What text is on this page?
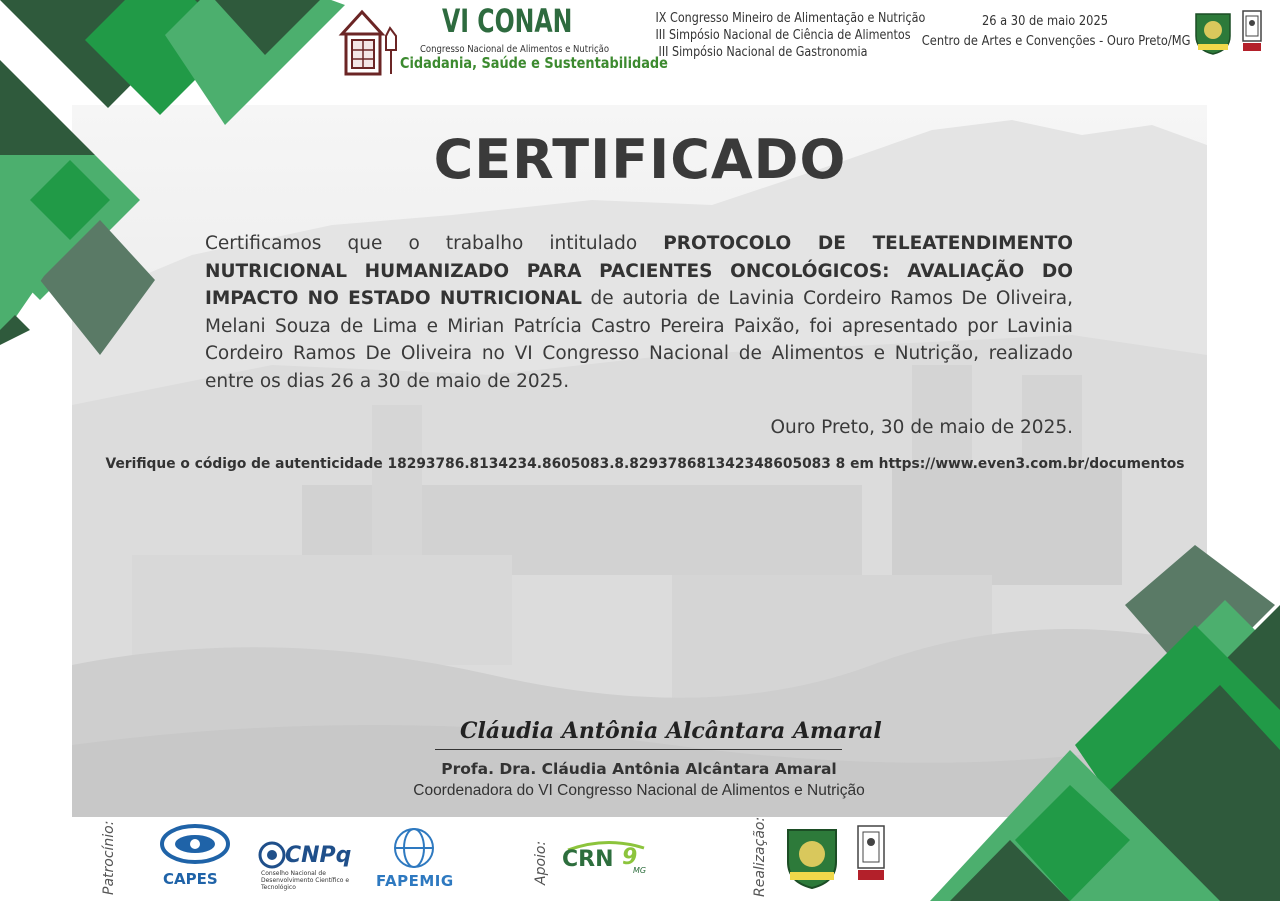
VI CONAN
Congresso Nacional de Alimentos e Nutrição
Cidadania, Saúde e Sustentabilidade
IX Congresso Mineiro de Alimentação e Nutrição
III Simpósio Nacional de Ciência de Alimentos
III Simpósio Nacional de Gastronomia
26 a 30 de maio 2025
Centro de Artes e Convenções - Ouro Preto/MG
CERTIFICADO
Certificamos que o trabalho intitulado PROTOCOLO DE TELEATENDIMENTO NUTRICIONAL HUMANIZADO PARA PACIENTES ONCOLÓGICOS: AVALIAÇÃO DO IMPACTO NO ESTADO NUTRICIONAL de autoria de Lavinia Cordeiro Ramos De Oliveira, Melani Souza de Lima e Mirian Patrícia Castro Pereira Paixão, foi apresentado por Lavinia Cordeiro Ramos De Oliveira no VI Congresso Nacional de Alimentos e Nutrição, realizado entre os dias 26 a 30 de maio de 2025.
Ouro Preto, 30 de maio de 2025.
Verifique o código de autenticidade 18293786.8134234.8605083.8.829378681342348605083 8 em https://www.even3.com.br/documentos
Cláudia Antônia Alcântara Amaral
Profa. Dra. Cláudia Antônia Alcântara Amaral
Coordenadora do VI Congresso Nacional de Alimentos e Nutrição
Patrocínio:	CAPES
CNPq
Conselho Nacional de Desenvolvimento Científico e Tecnológico	FAPEMIG	Apoio: CRN 9
MG	Realização:
